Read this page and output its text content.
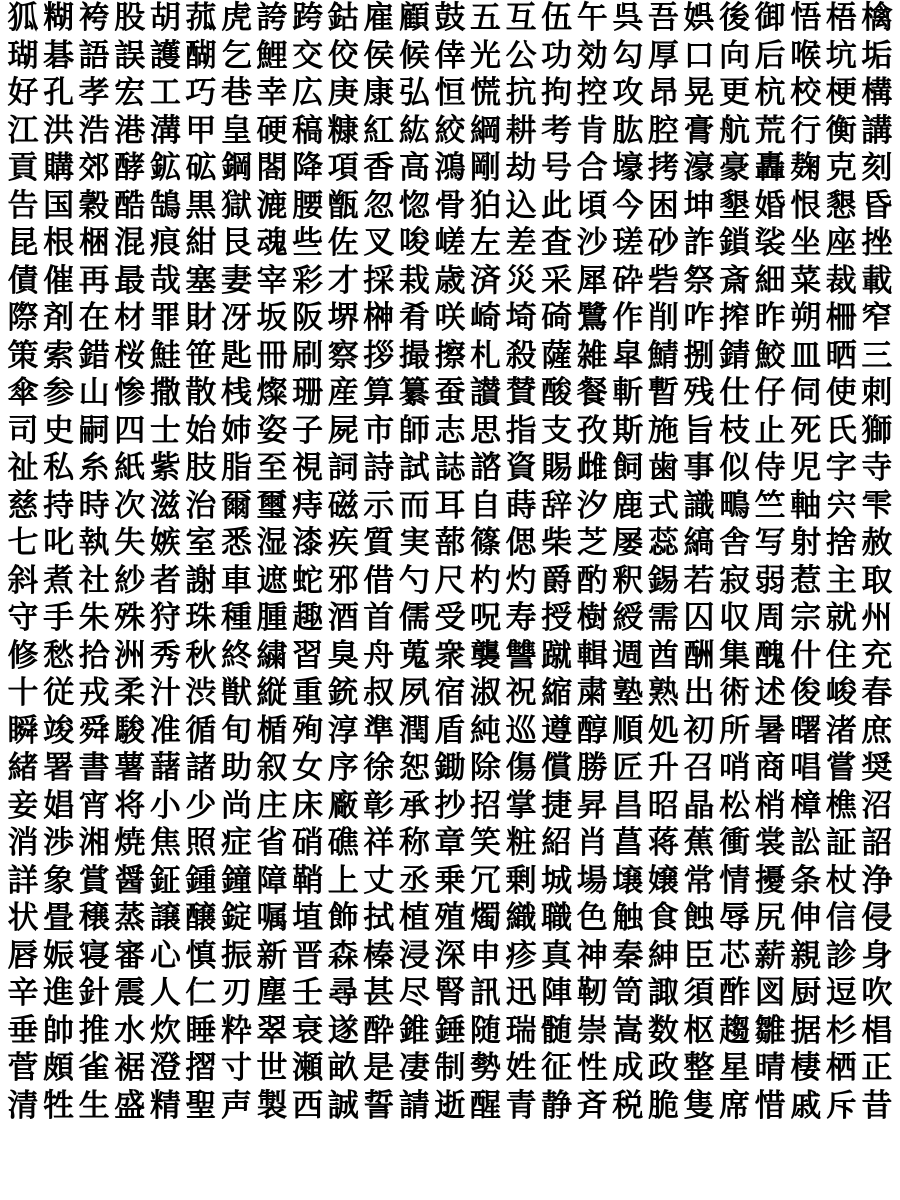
狐 糊 袴 股 胡 菰 虎 誇 跨 鈷 雇 顧 鼓 五 互 伍 午 呉 吾 娯 後 御 悟 梧 檎
瑚 碁 語 誤 護 醐 乞 鯉 交 佼 侯 候 倖 光 公 功 効 勾 厚 口 向 后 喉 坑 垢
好 孔 孝 宏 工 巧 巷 幸 広 庚 康 弘 恒 慌 抗 拘 控 攻 昂 晃 更 杭 校 梗 構
江 洪 浩 港 溝 甲 皇 硬 稿 糠 紅 紘 絞 綱 耕 考 肯 肱 腔 膏 航 荒 行 衡 講
貢 購 郊 酵 鉱 砿 鋼 閤 降 項 香 高 鴻 剛 劫 号 合 壕 拷 濠 豪 轟 麹 克 刻
告 国 穀 酷 鵠 黒 獄 漉 腰 甑 忽 惚 骨 狛 込 此 頃 今 困 坤 墾 婚 恨 懇 昏
昆 根 梱 混 痕 紺 艮 魂 些 佐 叉 唆 嵯 左 差 査 沙 瑳 砂 詐 鎖 裟 坐 座 挫
債 催 再 最 哉 塞 妻 宰 彩 才 採 栽 歳 済 災 采 犀 砕 砦 祭 斎 細 菜 裁 載
際 剤 在 材 罪 財 冴 坂 阪 堺 榊 肴 咲 崎 埼 碕 鷺 作 削 咋 搾 昨 朔 柵 窄
策 索 錯 桜 鮭 笹 匙 冊 刷 察 拶 撮 擦 札 殺 薩 雑 皐 鯖 捌 錆 鮫 皿 晒 三
傘 参 山 惨 撒 散 桟 燦 珊 産 算 纂 蚕 讃 賛 酸 餐 斬 暫 残 仕 仔 伺 使 刺
司 史 嗣 四 士 始 姉 姿 子 屍 市 師 志 思 指 支 孜 斯 施 旨 枝 止 死 氏 獅
祉 私 糸 紙 紫 肢 脂 至 視 詞 詩 試 誌 諮 資 賜 雌 飼 歯 事 似 侍 児 字 寺
慈 持 時 次 滋 治 爾 璽 痔 磁 示 而 耳 自 蒔 辞 汐 鹿 式 識 鴫 竺 軸 宍 雫
七 叱 執 失 嫉 室 悉 湿 漆 疾 質 実 蔀 篠 偲 柴 芝 屡 蕊 縞 舎 写 射 捨 赦
斜 煮 社 紗 者 謝 車 遮 蛇 邪 借 勺 尺 杓 灼 爵 酌 釈 錫 若 寂 弱 惹 主 取
守 手 朱 殊 狩 珠 種 腫 趣 酒 首 儒 受 呪 寿 授 樹 綬 需 囚 収 周 宗 就 州
修 愁 拾 洲 秀 秋 終 繍 習 臭 舟 蒐 衆 襲 讐 蹴 輯 週 酋 酬 集 醜 什 住 充
十 従 戎 柔 汁 渋 獣 縦 重 銃 叔 夙 宿 淑 祝 縮 粛 塾 熟 出 術 述 俊 峻 春
瞬 竣 舜 駿 准 循 旬 楯 殉 淳 準 潤 盾 純 巡 遵 醇 順 処 初 所 暑 曙 渚 庶
緒 署 書 薯 藷 諸 助 叙 女 序 徐 恕 鋤 除 傷 償 勝 匠 升 召 哨 商 唱 嘗 奨
妾 娼 宵 将 小 少 尚 庄 床 廠 彰 承 抄 招 掌 捷 昇 昌 昭 晶 松 梢 樟 樵 沼
消 渉 湘 焼 焦 照 症 省 硝 礁 祥 称 章 笑 粧 紹 肖 菖 蒋 蕉 衝 裳 訟 証 詔
詳 象 賞 醤 鉦 鍾 鐘 障 鞘 上 丈 丞 乗 冗 剰 城 場 壌 嬢 常 情 擾 条 杖 浄
状 畳 穣 蒸 譲 醸 錠 嘱 埴 飾 拭 植 殖 燭 織 職 色 触 食 蝕 辱 尻 伸 信 侵
唇 娠 寝 審 心 慎 振 新 晋 森 榛 浸 深 申 疹 真 神 秦 紳 臣 芯 薪 親 診 身
辛 進 針 震 人 仁 刃 塵 壬 尋 甚 尽 腎 訊 迅 陣 靭 笥 諏 須 酢 図 厨 逗 吹
垂 帥 推 水 炊 睡 粋 翠 衰 遂 酔 錐 錘 随 瑞 髄 崇 嵩 数 枢 趨 雛 据 杉 椙
菅 頗 雀 裾 澄 摺 寸 世 瀬 畝 是 凄 制 勢 姓 征 性 成 政 整 星 晴 棲 栖 正
清 牲 生 盛 精 聖 声 製 西 誠 誓 請 逝 醒 青 静 斉 税 脆 隻 席 惜 戚 斥 昔
